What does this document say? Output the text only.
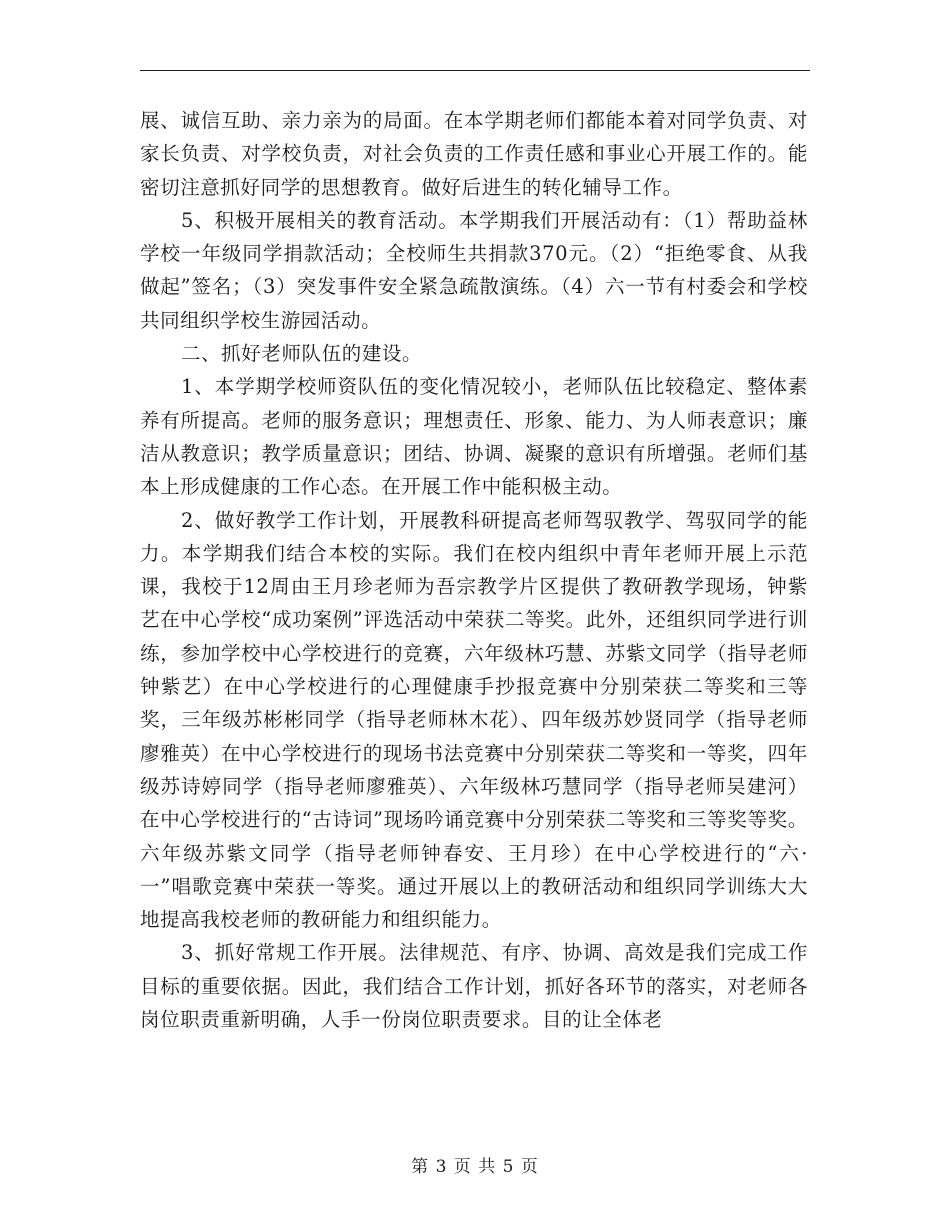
展、诚信互助、亲力亲为的局面。在本学期老师们都能本着对同学负责、对家长负责、对学校负责，对社会负责的工作责任感和事业心开展工作的。能密切注意抓好同学的思想教育。做好后进生的转化辅导工作。

5、积极开展相关的教育活动。本学期我们开展活动有：（1）帮助益林学校一年级同学捐款活动；全校师生共捐款370元。（2）“拒绝零食、从我做起”签名；（3）突发事件安全紧急疏散演练。（4）六一节有村委会和学校共同组织学校生游园活动。

二、抓好老师队伍的建设。

1、本学期学校师资队伍的变化情况较小，老师队伍比较稳定、整体素养有所提高。老师的服务意识；理想责任、形象、能力、为人师表意识；廉洁从教意识；教学质量意识；团结、协调、凝聚的意识有所增强。老师们基本上形成健康的工作心态。在开展工作中能积极主动。

2、做好教学工作计划，开展教科研提高老师驾驭教学、驾驭同学的能力。本学期我们结合本校的实际。我们在校内组织中青年老师开展上示范课，我校于12周由王月珍老师为吾宗教学片区提供了教研教学现场，钟紫艺在中心学校“成功案例”评选活动中荣获二等奖。此外，还组织同学进行训练，参加学校中心学校进行的竞赛，六年级林巧慧、苏紫文同学（指导老师钟紫艺）在中心学校进行的心理健康手抄报竞赛中分别荣获二等奖和三等奖，三年级苏彬彬同学（指导老师林木花）、四年级苏妙贤同学（指导老师廖雅英）在中心学校进行的现场书法竞赛中分别荣获二等奖和一等奖，四年级苏诗婷同学（指导老师廖雅英）、六年级林巧慧同学（指导老师吴建河）在中心学校进行的“古诗词”现场吟诵竞赛中分别荣获二等奖和三等奖等奖。六年级苏紫文同学（指导老师钟春安、王月珍）在中心学校进行的“六·一”唱歌竞赛中荣获一等奖。通过开展以上的教研活动和组织同学训练大大地提高我校老师的教研能力和组织能力。

3、抓好常规工作开展。法律规范、有序、协调、高效是我们完成工作目标的重要依据。因此，我们结合工作计划，抓好各环节的落实，对老师各岗位职责重新明确，人手一份岗位职责要求。目的让全体老

第 3 页 共 5 页
